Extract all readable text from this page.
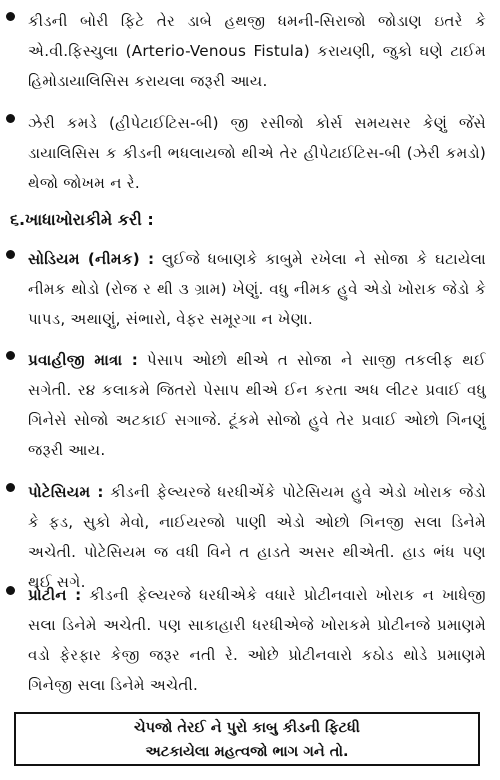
કીડની બોરી ફિટે તેર ડાબે હથજી ધમની-સિરાજો જોડાણ ઇતરે કે એ.વી.ફિસ્ચુલા (Arterio-Venous Fistula) કરાયણી, જુકો ઘણે ટાઈમ હિમોડાયાલિસિસ કરાયલા જરૂરી આય.

ઝેરી કમડે (હીપેટાઈટિસ-બી) જી રસીજો કોર્સ સમયસર કેણું જેંસે ડાયાલિસિસ ક કીડની ભધલાયજો થીએ તેર હીપેટાઈટિસ-બી (ઝેરી કમડો) થેજો જોખમ ન રે.

૬.ખાધાખોરાકીમે કરી :

સોડિયમ (નીમક) : લુઈજે ધબાણકે કાબુમે રખેલા ને સોજા કે ઘટાયેલા નીમક થોડો (રોજ ર થી ૩ ગ્રામ) ખેણું. વધુ નીમક હુવે એડો ખોરાક જેડો કે પાપડ, અથાણું, સંભારો, વેફર સમૂરગા ન ખેણા.

પ્રવાહીજી માત્રા : પેસાપ ઓછો થીએ ત સોજા ને સાજી તકલીફ થઈ સગેતી. ર૪ કલાકમે જિતરો પેસાપ થીએ ઈન કરતા અધ લીટર પ્રવાઈ વધુ ગિનેસે સોજો અટકાઈ સગાજે. ટૂંકમે સોજો હુવે તેર પ્રવાઈ ઓછો ગિનણું જરૂરી આય.

પોટેસિયમ : કીડની ફેલ્યરજે ધરધીએંકે પોટેસિયમ હુવે એડો ખોરાક જેડો કે ફડ, સુકો મેવો, નાઈયરજો પાણી એડો ઓછો ગિનજી સલા ડિનેમે અચેતી. પોટેસિયમ જ વધી વિને ત હાડતે અસર થીએતી. હાડ ભંધ પણ થઈ સગે.

પ્રોટીન : કીડની ફેલ્યરજે ધરધીએકે વધારે પ્રોટીનવારો ખોરાક ન ખાધેજી સલા ડિનેમે અચેતી. પણ સાકાહારી ધરધીએજે ખોરાકમે પ્રોટીનજે પ્રમાણમે વડો ફેરફાર કેજી જરૂર નતી રે. ઓછે પ્રોટીનવારો કઠોડ થોડે પ્રમાણમે ગિનેજી સલા ડિનેમે અચેતી.

ચેપજો તેરઈ ને પુરો કાબુ કીડની ફિટધી
અટકાયેલા મહત્વજો ભાગ ગને તો.
